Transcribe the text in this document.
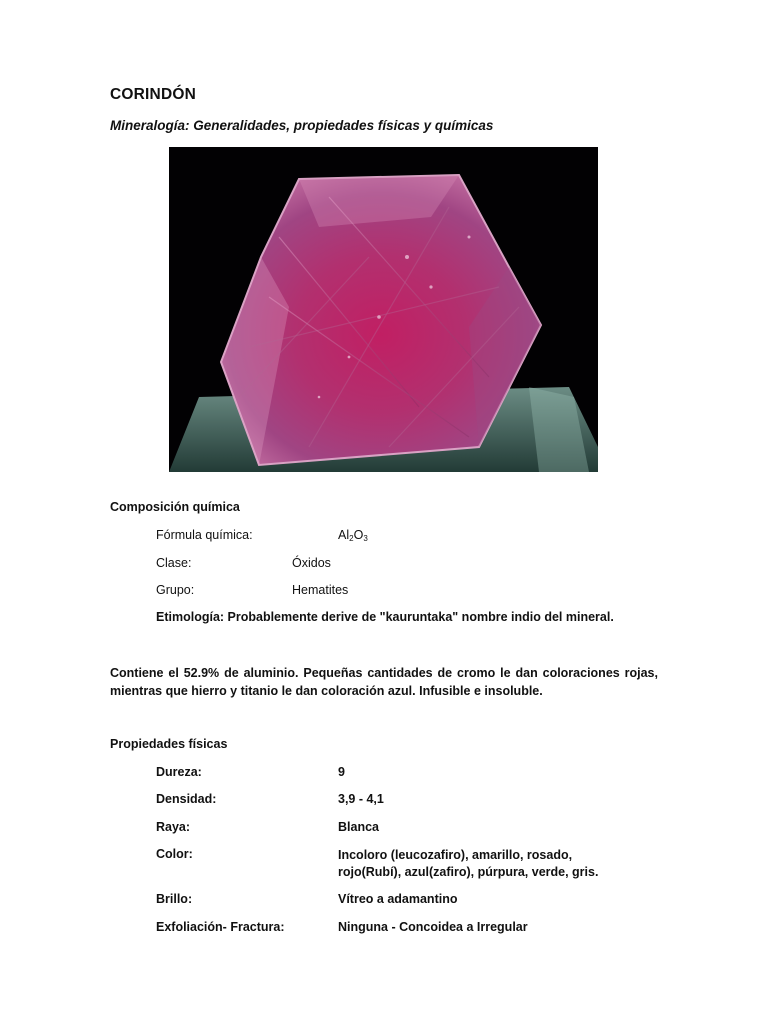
CORINDÓN
Mineralogía: Generalidades, propiedades físicas y químicas
Composición química
Fórmula química:	$Al_2O_3$
Clase:	Óxidos
Grupo:	Hematites
Etimología: Probablemente derive de "kauruntaka" nombre indio del mineral.
Contiene el 52.9% de aluminio. Pequeñas cantidades de cromo le dan coloraciones rojas, mientras que hierro y titanio le dan coloración azul. Infusible e insoluble.
Propiedades físicas
Dureza:	9
Densidad:	3,9 - 4,1
Raya:	Blanca
Color:	Incoloro (leucozafiro), amarillo, rosado, rojo(Rubí), azul(zafiro), púrpura, verde, gris.
Brillo:	Vítreo a adamantino
Exfoliación- Fractura:	Ninguna - Concoidea a Irregular
